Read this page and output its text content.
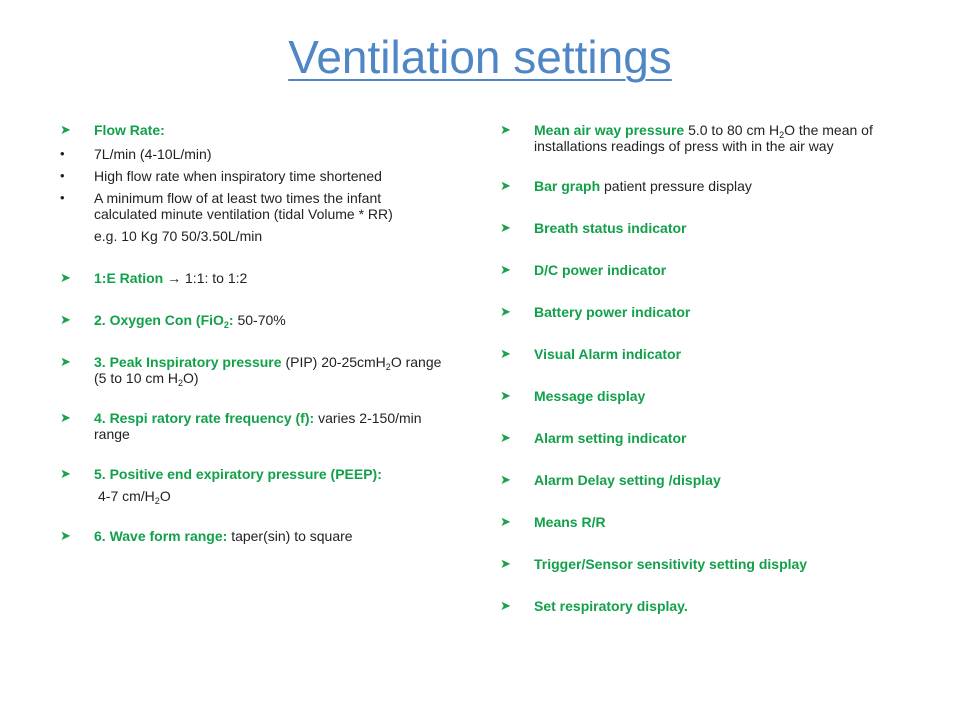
Ventilation settings
➤ Flow Rate:
• 7L/min (4-10L/min)
• High flow rate when inspiratory time shortened
• A minimum flow of at least two times the infant calculated minute ventilation (tidal Volume * RR)
e.g. 10 Kg 70 50/3.50L/min
➤ 1:E Ration → 1:1: to 1:2
➤ 2. Oxygen Con (FiO$_2$: 50-70%
➤ 3. Peak Inspiratory pressure (PIP) 20-25cmH$_2$O range (5 to 10 cm $H_2O$)
➤ 4. Respi ratory rate frequency (f): varies 2-150/min range
➤ 5. Positive end expiratory pressure (PEEP):
4-7 $cm/H_2O$
➤ 6. Wave form range: taper(sin) to square
➤ Mean air way pressure 5.0 to 80 cm $H_2O$ the mean of installations readings of press with in the air way
➤ Bar graph patient pressure display
➤ Breath status indicator
➤ D/C power indicator
➤ Battery power indicator
➤ Visual Alarm indicator
➤ Message display
➤ Alarm setting indicator
➤ Alarm Delay setting /display
➤ Means R/R
➤ Trigger/Sensor sensitivity setting display
➤ Set respiratory display.
